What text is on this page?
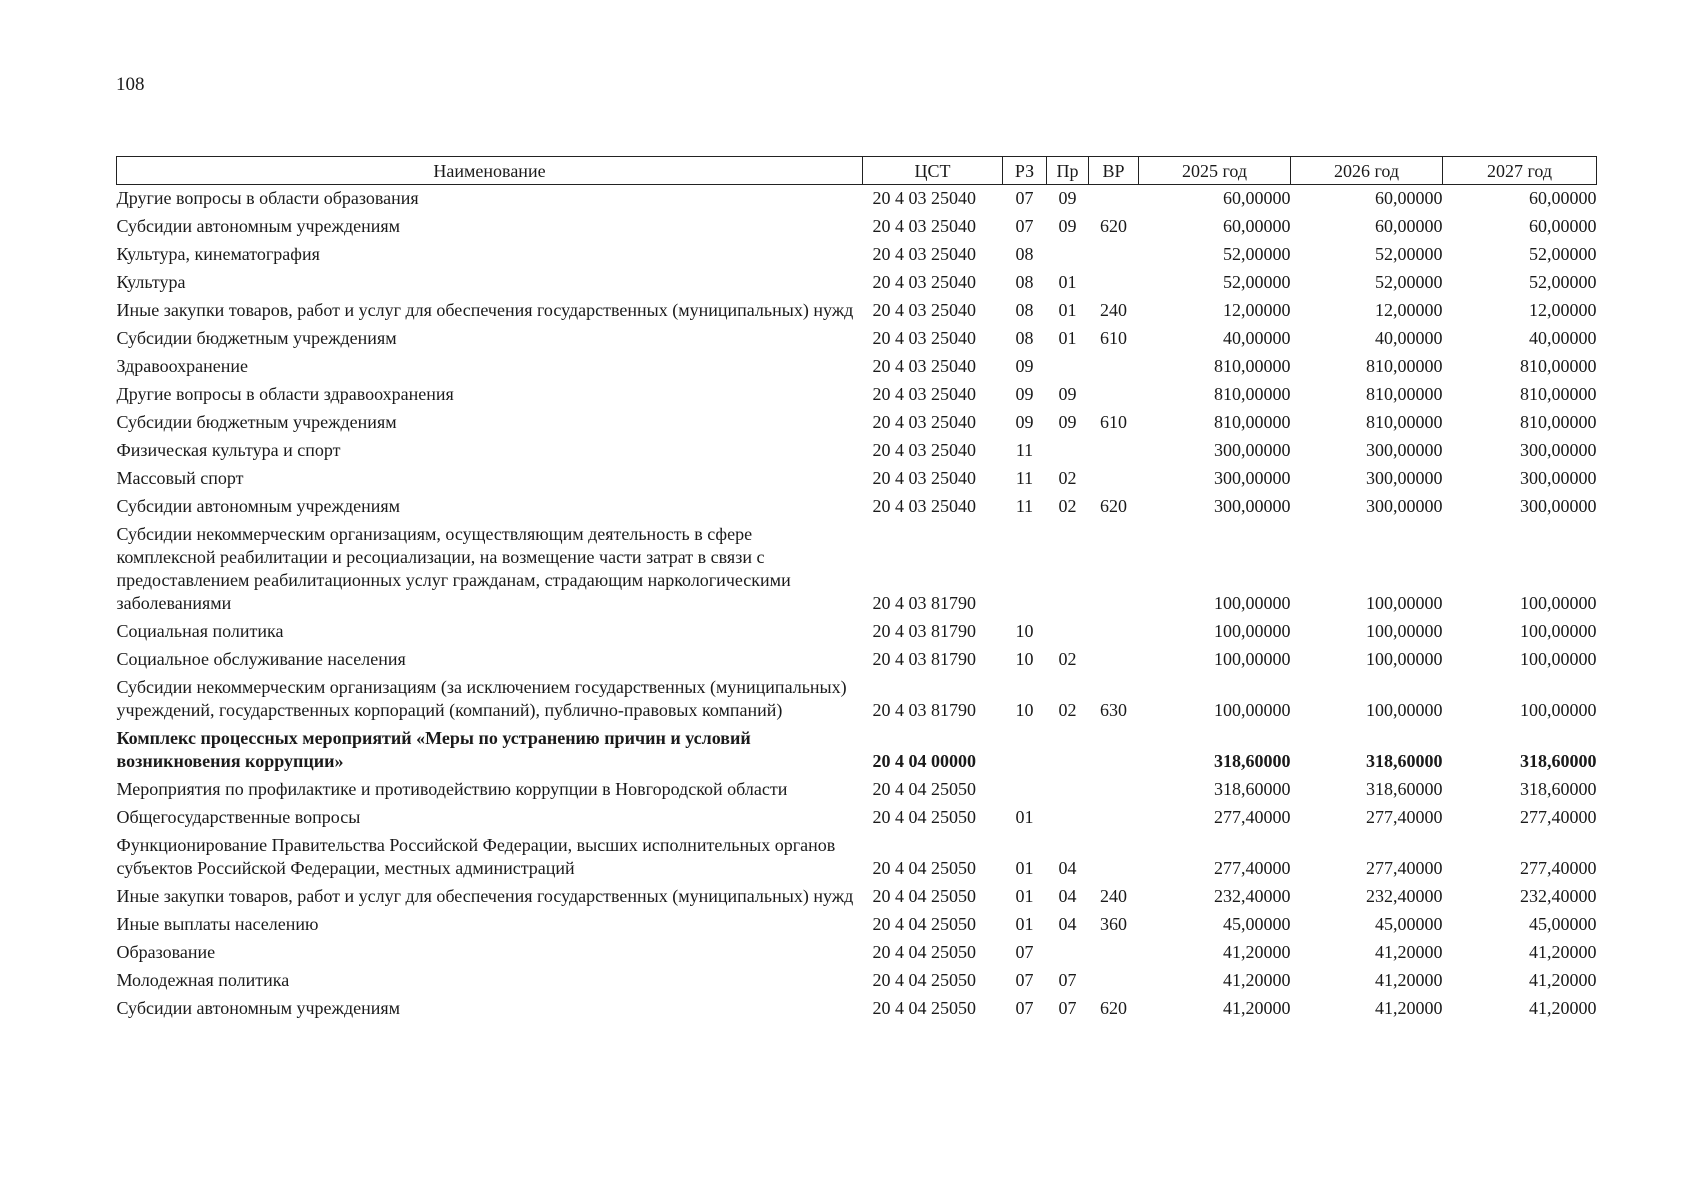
108
Наименование	ЦСТ	РЗ	Пр	ВР	2025 год	2026 год	2027 год
Другие вопросы в области образования	20 4 03 25040	07	09		60,00000	60,00000	60,00000
Субсидии автономным учреждениям	20 4 03 25040	07	09	620	60,00000	60,00000	60,00000
Культура, кинематография	20 4 03 25040	08			52,00000	52,00000	52,00000
Культура	20 4 03 25040	08	01		52,00000	52,00000	52,00000
Иные закупки товаров, работ и услуг для обеспечения государственных (муниципальных) нужд	20 4 03 25040	08	01	240	12,00000	12,00000	12,00000
Субсидии бюджетным учреждениям	20 4 03 25040	08	01	610	40,00000	40,00000	40,00000
Здравоохранение	20 4 03 25040	09			810,00000	810,00000	810,00000
Другие вопросы в области здравоохранения	20 4 03 25040	09	09		810,00000	810,00000	810,00000
Субсидии бюджетным учреждениям	20 4 03 25040	09	09	610	810,00000	810,00000	810,00000
Физическая культура и спорт	20 4 03 25040	11			300,00000	300,00000	300,00000
Массовый спорт	20 4 03 25040	11	02		300,00000	300,00000	300,00000
Субсидии автономным учреждениям	20 4 03 25040	11	02	620	300,00000	300,00000	300,00000
Субсидии некоммерческим организациям, осуществляющим деятельность в сфере комплексной реабилитации и ресоциализации, на возмещение части затрат в связи с предоставлением реабилитационных услуг гражданам, страдающим наркологическими заболеваниями	20 4 03 81790				100,00000	100,00000	100,00000
Социальная политика	20 4 03 81790	10			100,00000	100,00000	100,00000
Социальное обслуживание населения	20 4 03 81790	10	02		100,00000	100,00000	100,00000
Субсидии некоммерческим организациям (за исключением государственных (муниципальных) учреждений, государственных корпораций (компаний), публично-правовых компаний)	20 4 03 81790	10	02	630	100,00000	100,00000	100,00000
Комплекс процессных мероприятий «Меры по устранению причин и условий возникновения коррупции»	20 4 04 00000				318,60000	318,60000	318,60000
Мероприятия по профилактике и противодействию коррупции в Новгородской области	20 4 04 25050				318,60000	318,60000	318,60000
Общегосударственные вопросы	20 4 04 25050	01			277,40000	277,40000	277,40000
Функционирование Правительства Российской Федерации, высших исполнительных органов субъектов Российской Федерации, местных администраций	20 4 04 25050	01	04		277,40000	277,40000	277,40000
Иные закупки товаров, работ и услуг для обеспечения государственных (муниципальных) нужд	20 4 04 25050	01	04	240	232,40000	232,40000	232,40000
Иные выплаты населению	20 4 04 25050	01	04	360	45,00000	45,00000	45,00000
Образование	20 4 04 25050	07			41,20000	41,20000	41,20000
Молодежная политика	20 4 04 25050	07	07		41,20000	41,20000	41,20000
Субсидии автономным учреждениям	20 4 04 25050	07	07	620	41,20000	41,20000	41,20000
